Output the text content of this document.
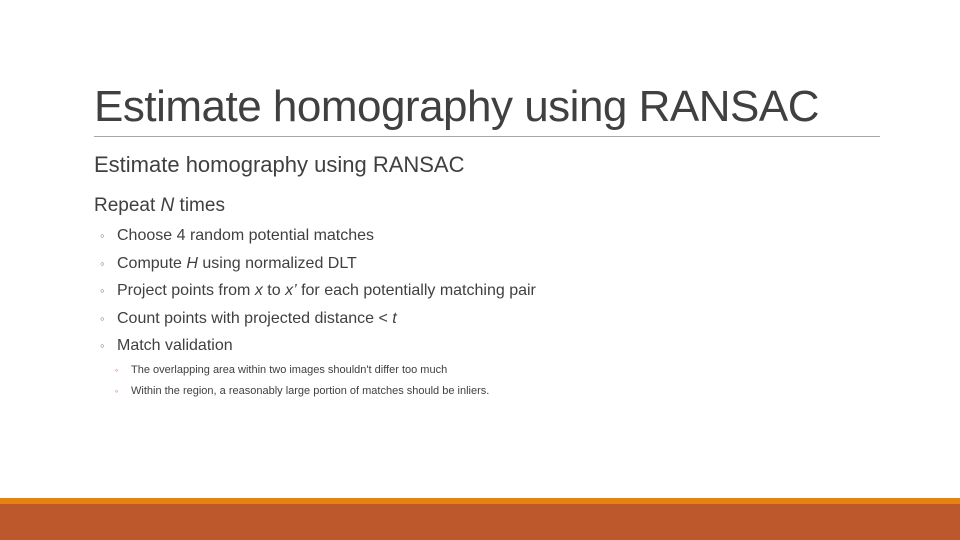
Estimate homography using RANSAC
Estimate homography using RANSAC
Repeat N times
◦ Choose 4 random potential matches
◦ Compute H using normalized DLT
◦ Project points from x to x’ for each potentially matching pair
◦ Count points with projected distance < t
◦ Match validation
◦ The overlapping area within two images shouldn't differ too much
◦ Within the region, a reasonably large portion of matches should be inliers.
